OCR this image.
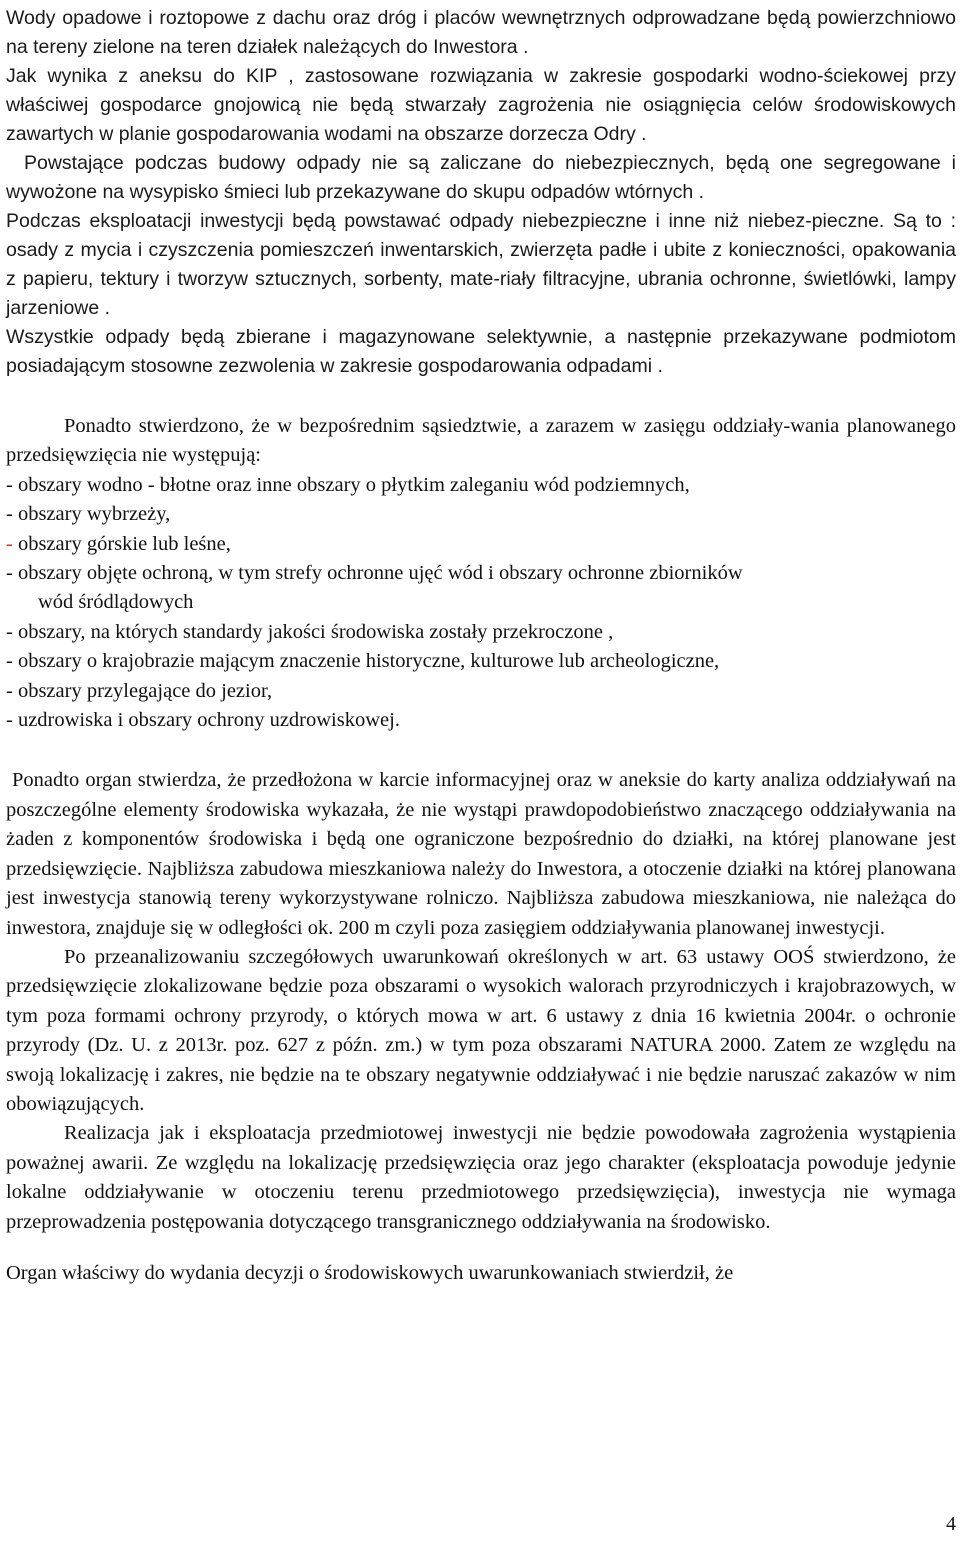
Wody opadowe i roztopowe z dachu oraz dróg i placów wewnętrznych odprowadzane będą powierzchniowo na tereny zielone na teren działek należących do Inwestora .

Jak wynika z aneksu do KIP , zastosowane rozwiązania w zakresie gospodarki wodno-ściekowej przy właściwej gospodarce gnojowicą nie będą stwarzały zagrożenia nie osiągnięcia celów środowiskowych zawartych w planie gospodarowania wodami na obszarze dorzecza Odry .

Powstające podczas budowy odpady nie są zaliczane do niebezpiecznych, będą one segregowane i wywożone na wysypisko śmieci lub przekazywane do skupu odpadów wtórnych .

Podczas eksploatacji inwestycji będą powstawać odpady niebezpieczne i inne niż niebez-pieczne. Są to : osady z mycia i czyszczenia pomieszczeń inwentarskich, zwierzęta padłe i ubite z konieczności, opakowania z papieru, tektury i tworzyw sztucznych, sorbenty, mate-riały filtracyjne, ubrania ochronne, świetlówki, lampy jarzeniowe .

Wszystkie odpady będą zbierane i magazynowane selektywnie, a następnie przekazywane podmiotom posiadającym stosowne zezwolenia w zakresie gospodarowania odpadami .

Ponadto stwierdzono, że w bezpośrednim sąsiedztwie, a zarazem w zasięgu oddziały-wania planowanego przedsięwzięcia nie występują:

- obszary wodno - błotne oraz inne obszary o płytkim zaleganiu wód podziemnych,
- obszary wybrzeży,
- obszary górskie lub leśne,
- obszary objęte ochroną, w tym strefy ochronne ujęć wód i obszary ochronne zbiorników
wód śródlądowych
- obszary, na których standardy jakości środowiska zostały przekroczone ,
- obszary o krajobrazie mającym znaczenie historyczne, kulturowe lub archeologiczne,
- obszary przylegające do jezior,
- uzdrowiska i obszary ochrony uzdrowiskowej.

Ponadto organ stwierdza, że przedłożona w karcie informacyjnej oraz w aneksie do karty analiza oddziaływań na poszczególne elementy środowiska wykazała, że nie wystąpi prawdopodobieństwo znaczącego oddziaływania na żaden z komponentów środowiska i będą one ograniczone bezpośrednio do działki, na której planowane jest przedsięwzięcie. Najbliższa zabudowa mieszkaniowa należy do Inwestora, a otoczenie działki na której planowana jest inwestycja stanowią tereny wykorzystywane rolniczo. Najbliższa zabudowa mieszkaniowa, nie należąca do inwestora, znajduje się w odległości ok. 200 m czyli poza zasięgiem oddziaływania planowanej inwestycji.

Po przeanalizowaniu szczegółowych uwarunkowań określonych w art. 63 ustawy OOŚ stwierdzono, że przedsięwzięcie zlokalizowane będzie poza obszarami o wysokich walorach przyrodniczych i krajobrazowych, w tym poza formami ochrony przyrody, o których mowa w art. 6 ustawy z dnia 16 kwietnia 2004r. o ochronie przyrody (Dz. U. z 2013r. poz. 627 z późn. zm.) w tym poza obszarami NATURA 2000. Zatem ze względu na swoją lokalizację i zakres, nie będzie na te obszary negatywnie oddziaływać i nie będzie naruszać zakazów w nim obowiązujących.

Realizacja jak i eksploatacja przedmiotowej inwestycji nie będzie powodowała zagrożenia wystąpienia poważnej awarii. Ze względu na lokalizację przedsięwzięcia oraz jego charakter (eksploatacja powoduje jedynie lokalne oddziaływanie w otoczeniu terenu przedmiotowego przedsięwzięcia), inwestycja nie wymaga przeprowadzenia postępowania dotyczącego transgranicznego oddziaływania na środowisko.

Organ właściwy do wydania decyzji o środowiskowych uwarunkowaniach stwierdził, że

4
